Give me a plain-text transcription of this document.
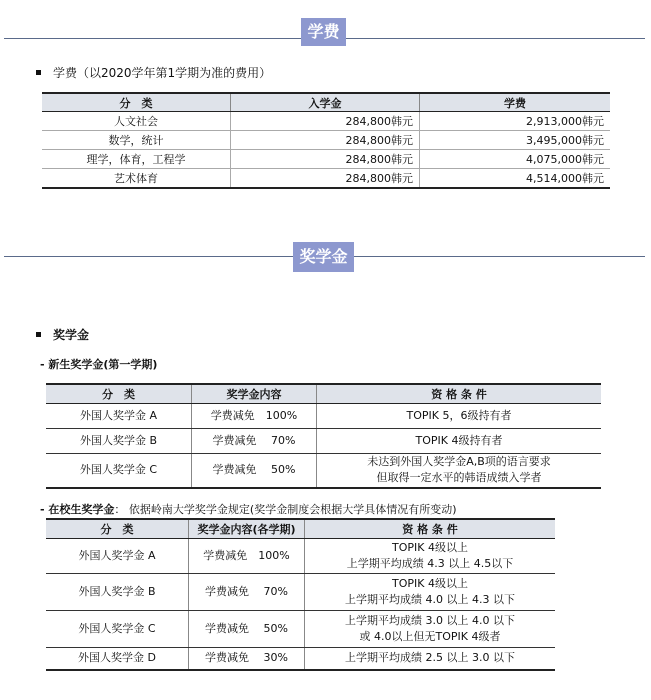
学费
学费（以2020学年第1学期为准的费用）
分　类	入学金	学费
人文社会	284,800韩元	2,913,000韩元
数学，统计	284,800韩元	3,495,000韩元
理学，体育，工程学	284,800韩元	4,075,000韩元
艺术体育	284,800韩元	4,514,000韩元
奖学金
奖学金
- 新生奖学金(第一学期)
分　类	奖学金内容	资 格 条 件
外国人奖学金 A	学费减免　100%	TOPIK 5，6级持有者

外国人奖学金 B	学费减免　 70%	TOPIK 4级持有者

外国人奖学金 C	学费减免　 50%	未达到外国人奖学金A,B项的语言要求
但取得一定水平的韩语成绩入学者
- 在校生奖学金： 依据岭南大学奖学金规定(奖学金制度会根据大学具体情况有所变动)
分　类	奖学金内容(各学期)	资 格 条 件
外国人奖学金 A	学费减免　100%	TOPIK 4级以上
上学期平均成绩 4.3 以上 4.5以下

外国人奖学金 B	学费减免　 70%	TOPIK 4级以上
上学期平均成绩 4.0 以上 4.3 以下

外国人奖学金 C	学费减免　 50%	上学期平均成绩 3.0 以上 4.0 以下
或 4.0以上但无TOPIK 4级者

外国人奖学金 D	学费减免　 30%	上学期平均成绩 2.5 以上 3.0 以下
